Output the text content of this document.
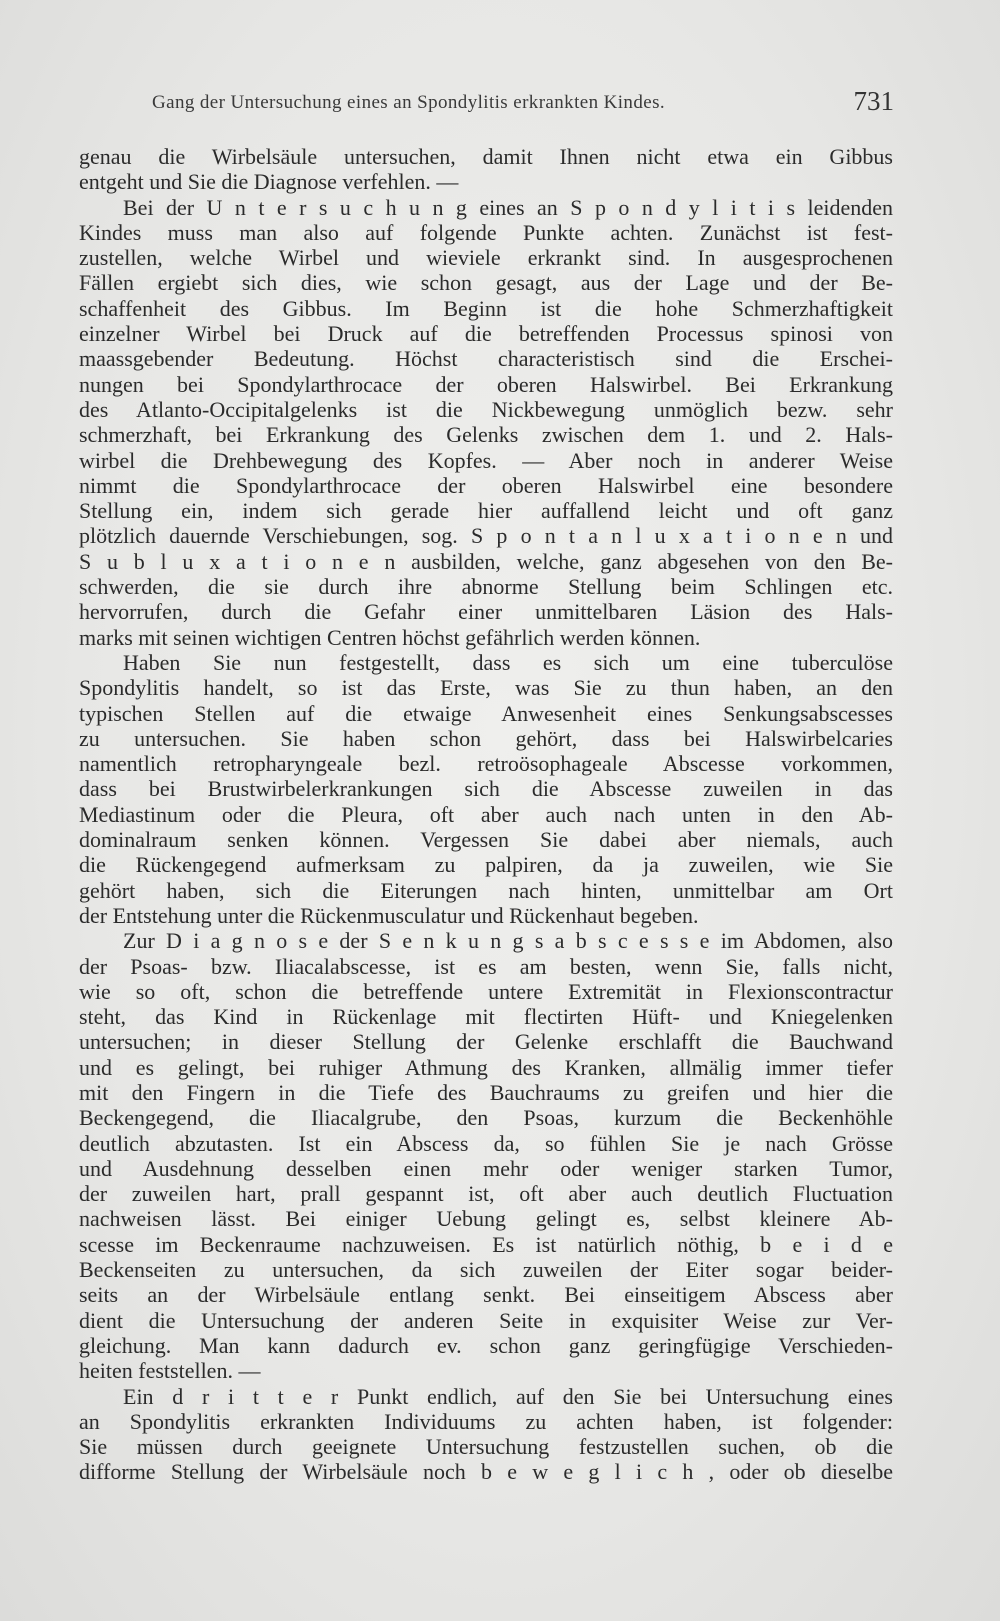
Gang der Untersuchung eines an Spondylitis erkrankten Kindes.	731
genau die Wirbelsäule untersuchen, damit Ihnen nicht etwa ein Gibbus
entgeht und Sie die Diagnose verfehlen. —
Bei der U n t e r s u c h u n g eines an S p o n d y l i t i s leidenden
Kindes muss man also auf folgende Punkte achten. Zunächst ist fest-
zustellen, welche Wirbel und wieviele erkrankt sind. In ausgesprochenen
Fällen ergiebt sich dies, wie schon gesagt, aus der Lage und der Be-
schaffenheit des Gibbus. Im Beginn ist die hohe Schmerzhaftigkeit
einzelner Wirbel bei Druck auf die betreffenden Processus spinosi von
maassgebender Bedeutung. Höchst characteristisch sind die Erschei-
nungen bei Spondylarthrocace der oberen Halswirbel. Bei Erkrankung
des Atlanto-Occipitalgelenks ist die Nickbewegung unmöglich bezw. sehr
schmerzhaft, bei Erkrankung des Gelenks zwischen dem 1. und 2. Hals-
wirbel die Drehbewegung des Kopfes. — Aber noch in anderer Weise
nimmt die Spondylarthrocace der oberen Halswirbel eine besondere
Stellung ein, indem sich gerade hier auffallend leicht und oft ganz
plötzlich dauernde Verschiebungen, sog. S p o n t a n l u x a t i o n e n und
S u b l u x a t i o n e n ausbilden, welche, ganz abgesehen von den Be-
schwerden, die sie durch ihre abnorme Stellung beim Schlingen etc.
hervorrufen, durch die Gefahr einer unmittelbaren Läsion des Hals-
marks mit seinen wichtigen Centren höchst gefährlich werden können.
Haben Sie nun festgestellt, dass es sich um eine tuberculöse
Spondylitis handelt, so ist das Erste, was Sie zu thun haben, an den
typischen Stellen auf die etwaige Anwesenheit eines Senkungsabscesses
zu untersuchen. Sie haben schon gehört, dass bei Halswirbelcaries
namentlich retropharyngeale bezl. retroösophageale Abscesse vorkommen,
dass bei Brustwirbelerkrankungen sich die Abscesse zuweilen in das
Mediastinum oder die Pleura, oft aber auch nach unten in den Ab-
dominalraum senken können. Vergessen Sie dabei aber niemals, auch
die Rückengegend aufmerksam zu palpiren, da ja zuweilen, wie Sie
gehört haben, sich die Eiterungen nach hinten, unmittelbar am Ort
der Entstehung unter die Rückenmusculatur und Rückenhaut begeben.
Zur D i a g n o s e der S e n k u n g s a b s c e s s e im Abdomen, also
der Psoas- bzw. Iliacalabscesse, ist es am besten, wenn Sie, falls nicht,
wie so oft, schon die betreffende untere Extremität in Flexionscontractur
steht, das Kind in Rückenlage mit flectirten Hüft- und Kniegelenken
untersuchen; in dieser Stellung der Gelenke erschlafft die Bauchwand
und es gelingt, bei ruhiger Athmung des Kranken, allmälig immer tiefer
mit den Fingern in die Tiefe des Bauchraums zu greifen und hier die
Beckengegend, die Iliacalgrube, den Psoas, kurzum die Beckenhöhle
deutlich abzutasten. Ist ein Abscess da, so fühlen Sie je nach Grösse
und Ausdehnung desselben einen mehr oder weniger starken Tumor,
der zuweilen hart, prall gespannt ist, oft aber auch deutlich Fluctuation
nachweisen lässt. Bei einiger Uebung gelingt es, selbst kleinere Ab-
scesse im Beckenraume nachzuweisen. Es ist natürlich nöthig, b e i d e
Beckenseiten zu untersuchen, da sich zuweilen der Eiter sogar beider-
seits an der Wirbelsäule entlang senkt. Bei einseitigem Abscess aber
dient die Untersuchung der anderen Seite in exquisiter Weise zur Ver-
gleichung. Man kann dadurch ev. schon ganz geringfügige Verschieden-
heiten feststellen. —
Ein d r i t t e r Punkt endlich, auf den Sie bei Untersuchung eines
an Spondylitis erkrankten Individuums zu achten haben, ist folgender:
Sie müssen durch geeignete Untersuchung festzustellen suchen, ob die
difforme Stellung der Wirbelsäule noch b e w e g l i c h , oder ob dieselbe
